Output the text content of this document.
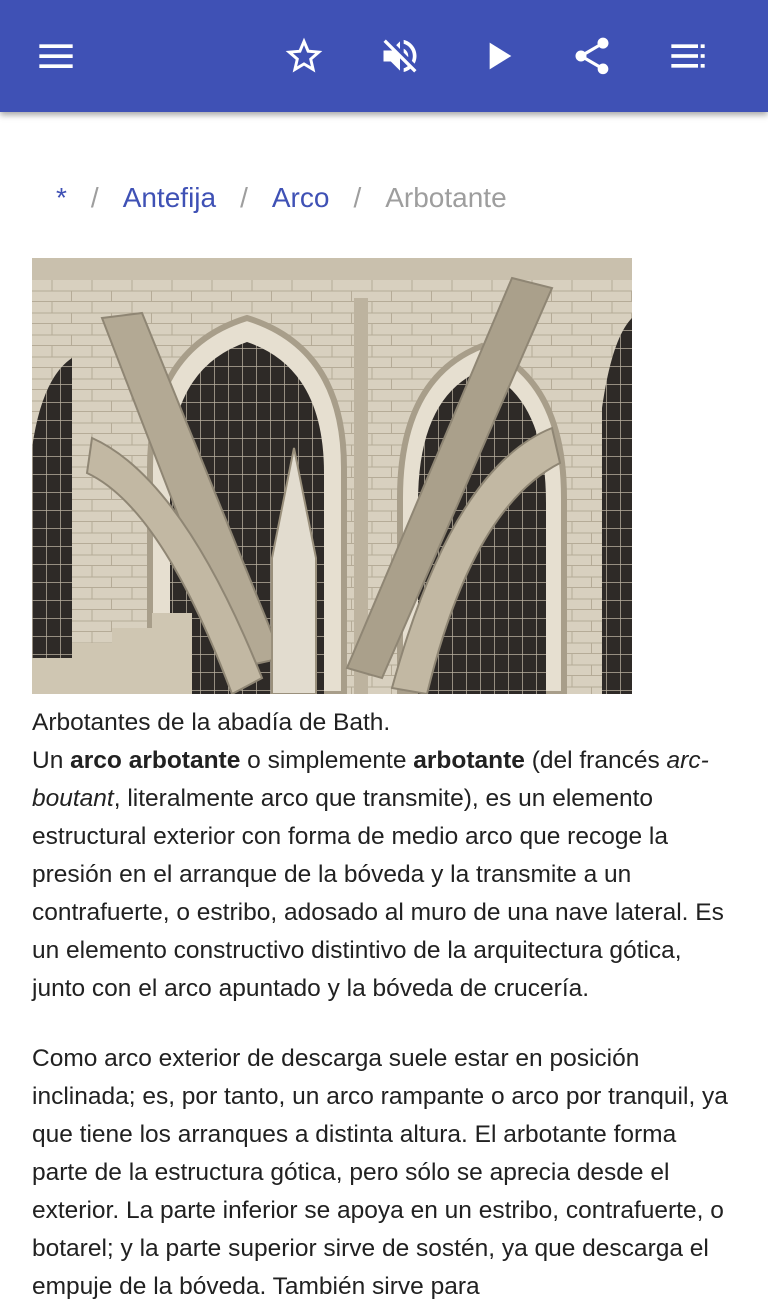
* / Antefija / Arco / Arbotante

Arbotantes de la abadía de Bath.

Un arco arbotante o simplemente arbotante (del francés arc-boutant, literalmente arco que transmite), es un elemento estructural exterior con forma de medio arco que recoge la presión en el arranque de la bóveda y la transmite a un contrafuerte, o estribo, adosado al muro de una nave lateral. Es un elemento constructivo distintivo de la arquitectura gótica, junto con el arco apuntado y la bóveda de crucería.

Como arco exterior de descarga suele estar en posición inclinada; es, por tanto, un arco rampante o arco por tranquil, ya que tiene los arranques a distinta altura. El arbotante forma parte de la estructura gótica, pero sólo se aprecia desde el exterior. La parte inferior se apoya en un estribo, contrafuerte, o botarel; y la parte superior sirve de sostén, ya que descarga el empuje de la bóveda. También sirve para
